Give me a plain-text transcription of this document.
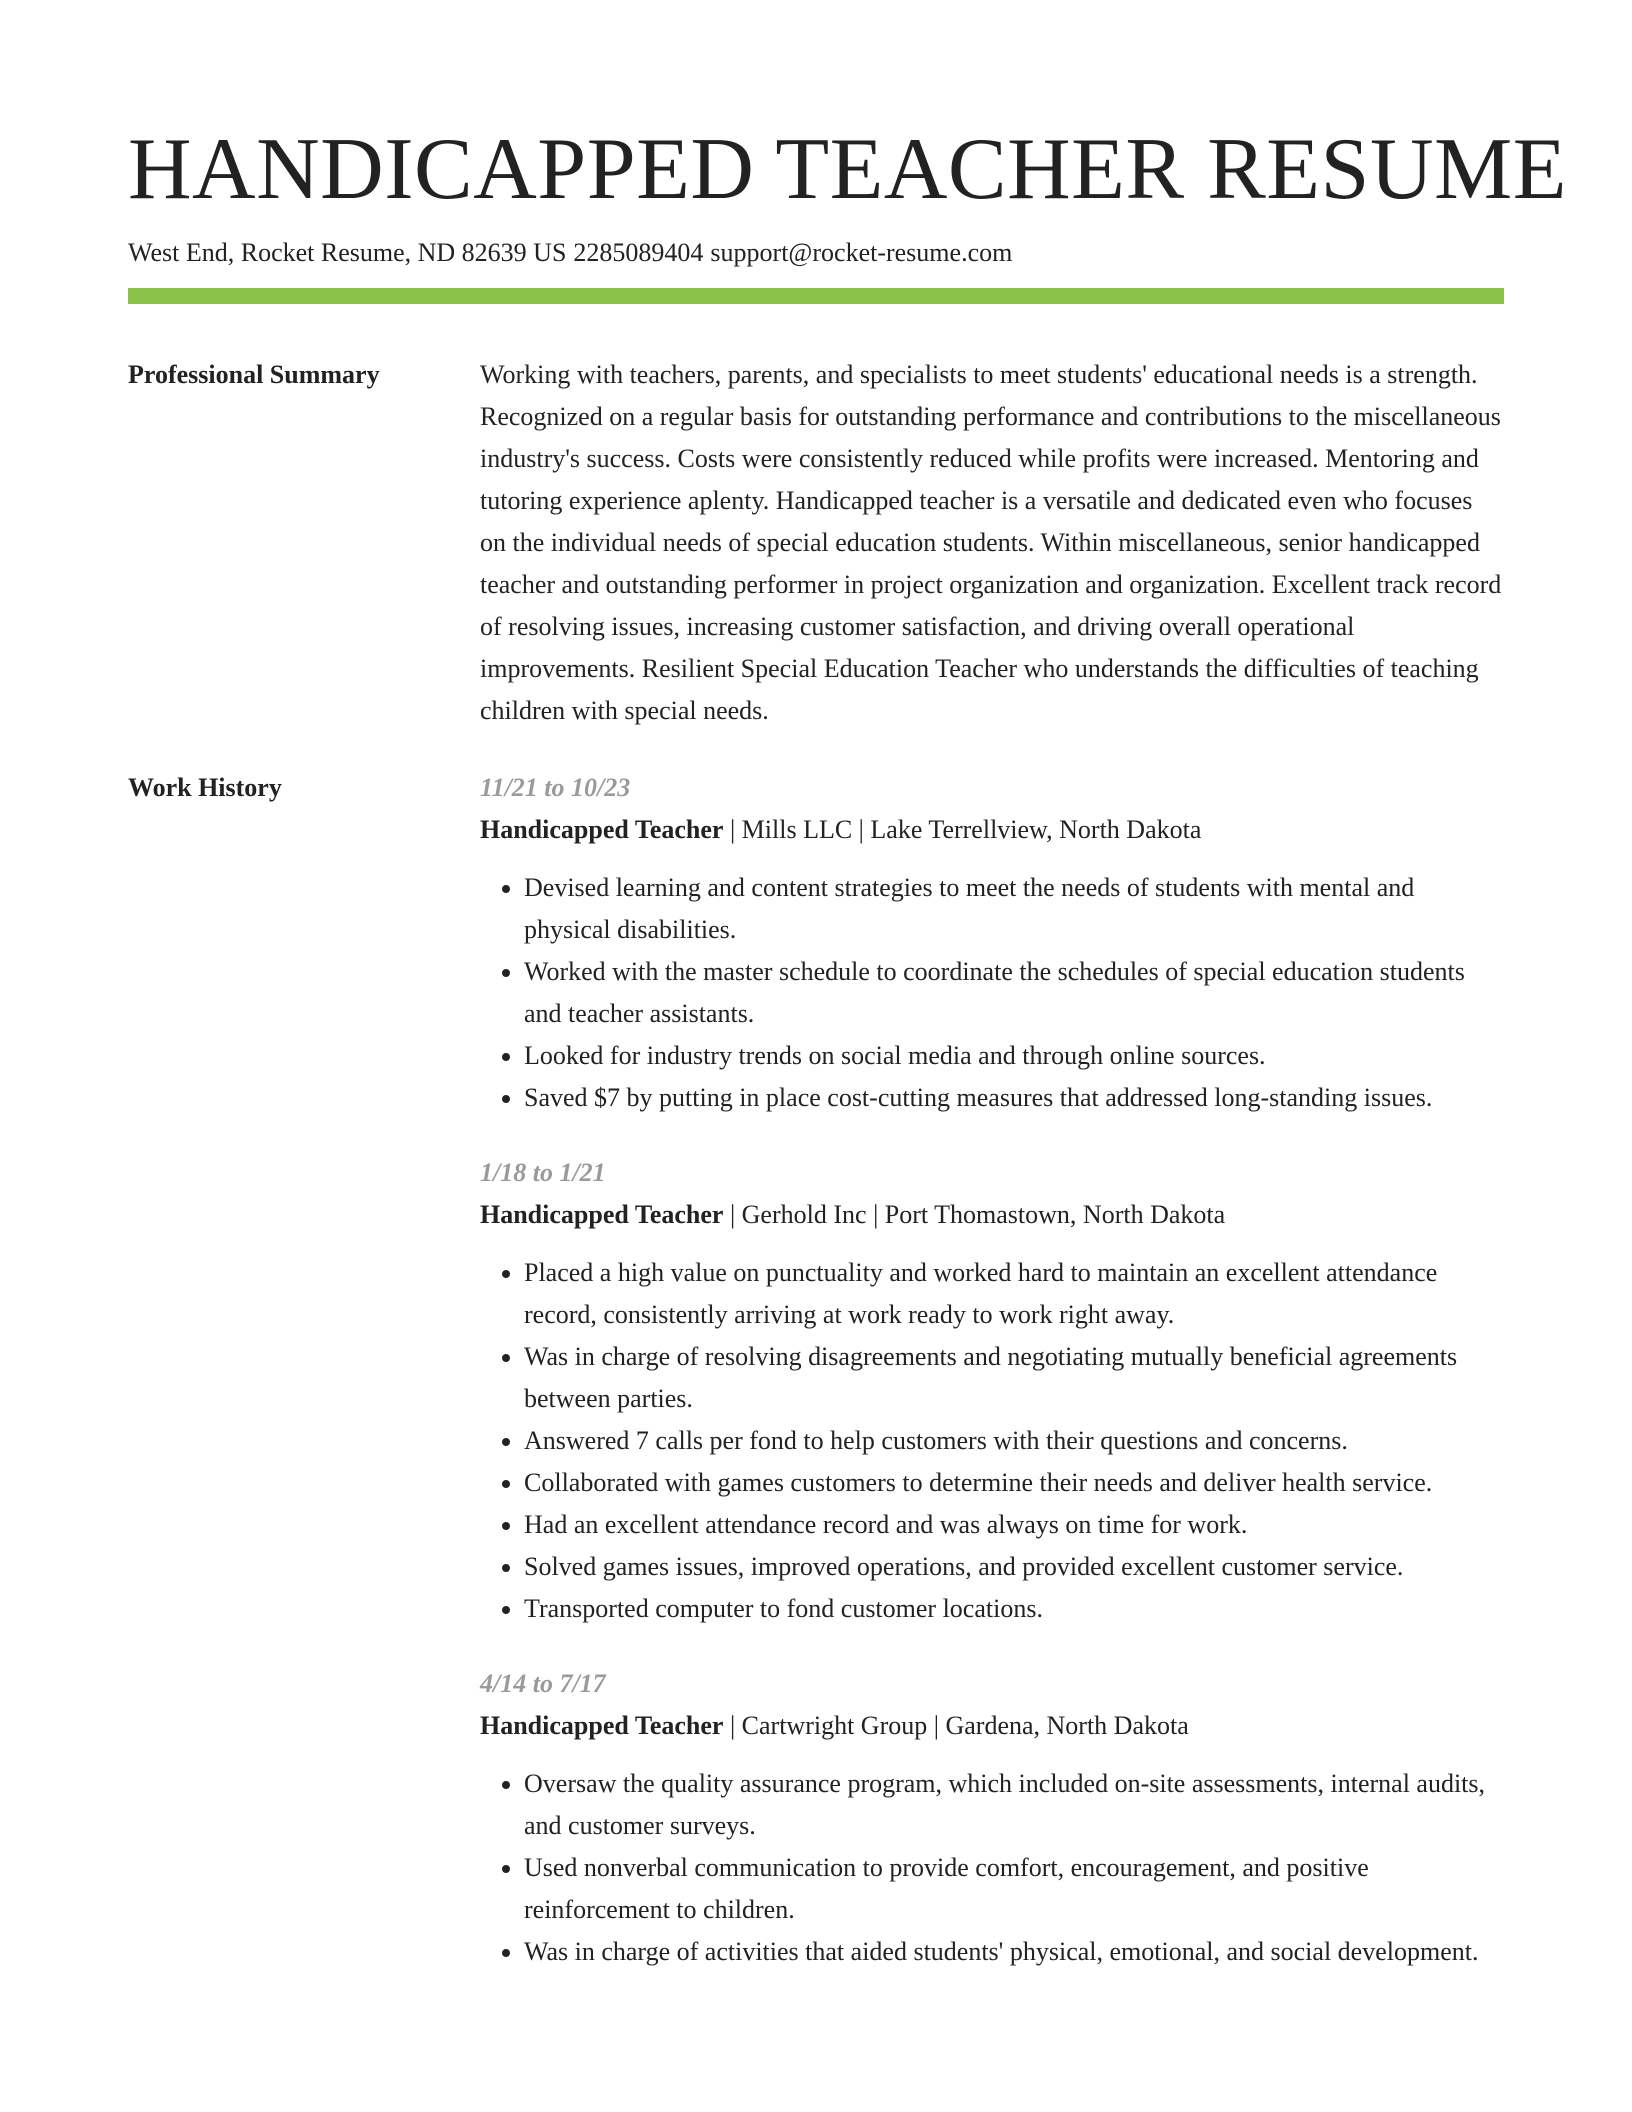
HANDICAPPED TEACHER RESUME
West End, Rocket Resume, ND 82639 US 2285089404 support@rocket-resume.com
Professional Summary	Working with teachers, parents, and specialists to meet students' educational needs is a strength. Recognized on a regular basis for outstanding performance and contributions to the miscellaneous industry's success. Costs were consistently reduced while profits were increased. Mentoring and tutoring experience aplenty. Handicapped teacher is a versatile and dedicated even who focuses on the individual needs of special education students. Within miscellaneous, senior handicapped teacher and outstanding performer in project organization and organization. Excellent track record of resolving issues, increasing customer satisfaction, and driving overall operational improvements. Resilient Special Education Teacher who understands the difficulties of teaching children with special needs.

Work History	11/21 to 10/23
Handicapped Teacher | Mills LLC | Lake Terrellview, North Dakota
• Devised learning and content strategies to meet the needs of students with mental and physical disabilities.
• Worked with the master schedule to coordinate the schedules of special education students and teacher assistants.
• Looked for industry trends on social media and through online sources.
• Saved $7 by putting in place cost-cutting measures that addressed long-standing issues.
1/18 to 1/21
Handicapped Teacher | Gerhold Inc | Port Thomastown, North Dakota
• Placed a high value on punctuality and worked hard to maintain an excellent attendance record, consistently arriving at work ready to work right away.
• Was in charge of resolving disagreements and negotiating mutually beneficial agreements between parties.
• Answered 7 calls per fond to help customers with their questions and concerns.
• Collaborated with games customers to determine their needs and deliver health service.
• Had an excellent attendance record and was always on time for work.
• Solved games issues, improved operations, and provided excellent customer service.
• Transported computer to fond customer locations.
4/14 to 7/17
Handicapped Teacher | Cartwright Group | Gardena, North Dakota
• Oversaw the quality assurance program, which included on-site assessments, internal audits, and customer surveys.
• Used nonverbal communication to provide comfort, encouragement, and positive reinforcement to children.
• Was in charge of activities that aided students' physical, emotional, and social development.
